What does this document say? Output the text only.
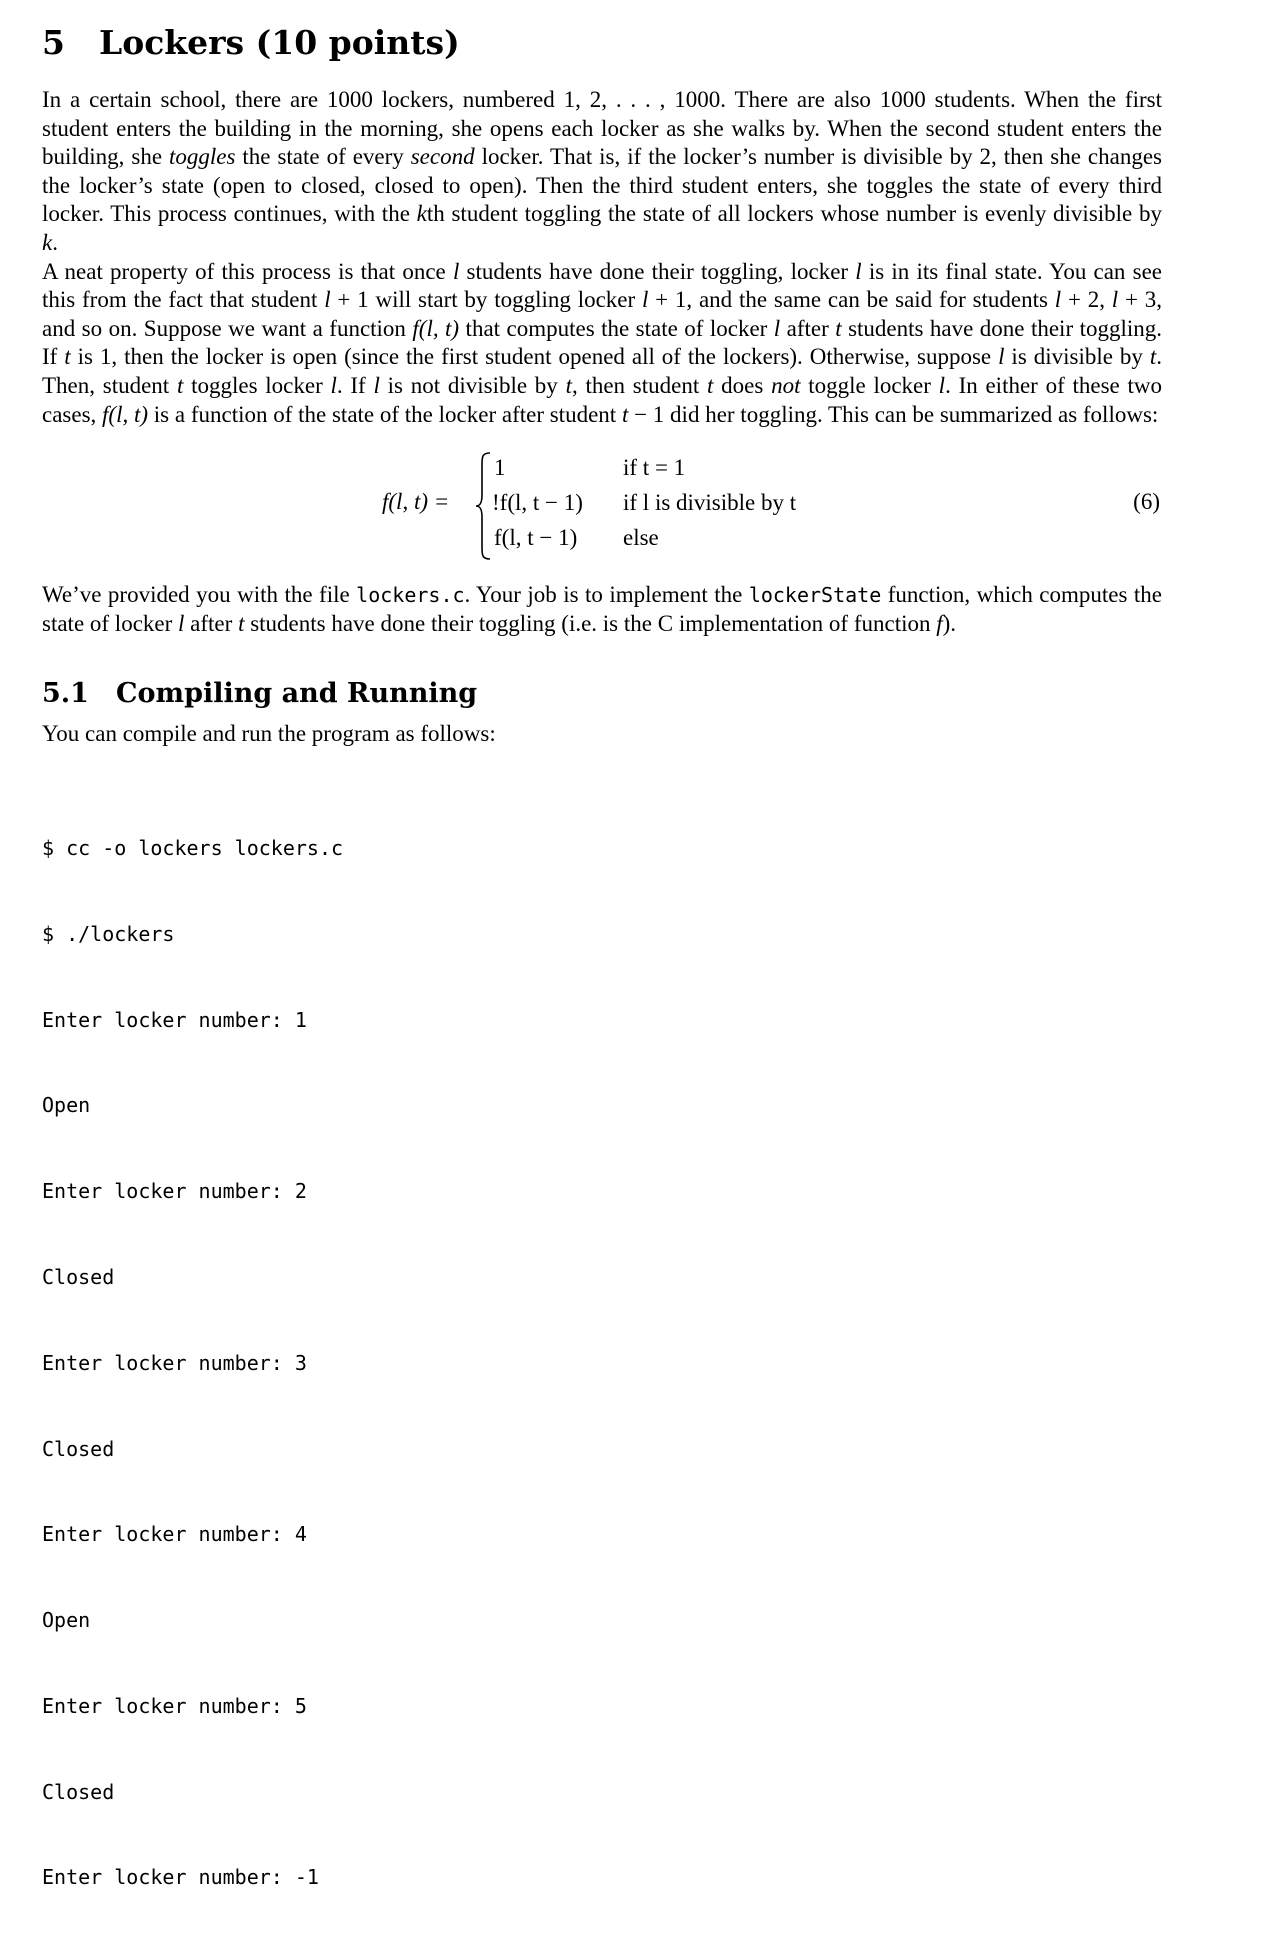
5	Lockers (10 points)

In a certain school, there are 1000 lockers, numbered 1, 2, . . . , 1000. There are also 1000 students. When the first student enters the building in the morning, she opens each locker as she walks by. When the second student enters the building, she toggles the state of every second locker. That is, if the locker’s number is divisible by 2, then she changes the locker’s state (open to closed, closed to open). Then the third student enters, she toggles the state of every third locker. This process continues, with the kth student toggling the state of all lockers whose number is evenly divisible by k.

A neat property of this process is that once l students have done their toggling, locker l is in its final state. You can see this from the fact that student l + 1 will start by toggling locker l + 1, and the same can be said for students l + 2, l + 3, and so on. Suppose we want a function f(l, t) that computes the state of locker l after t students have done their toggling. If t is 1, then the locker is open (since the first student opened all of the lockers). Otherwise, suppose l is divisible by t. Then, student t toggles locker l. If l is not divisible by t, then student t does not toggle locker l. In either of these two cases, f(l, t) is a function of the state of the locker after student t − 1 did her toggling. This can be summarized as follows:

f(l, t) =
1	if t = 1
!f(l, t − 1) if l is divisible by t
f(l, t − 1) else
(6)

We’ve provided you with the file lockers.c. Your job is to implement the lockerState function, which computes the state of locker l after t students have done their toggling (i.e. is the C implementation of function f).

5.1	Compiling and Running

You can compile and run the program as follows:

$ cc -o lockers lockers.c

$ ./lockers

Enter locker number: 1

Open

Enter locker number: 2

Closed

Enter locker number: 3

Closed

Enter locker number: 4

Open

Enter locker number: 5

Closed

Enter locker number: -1
